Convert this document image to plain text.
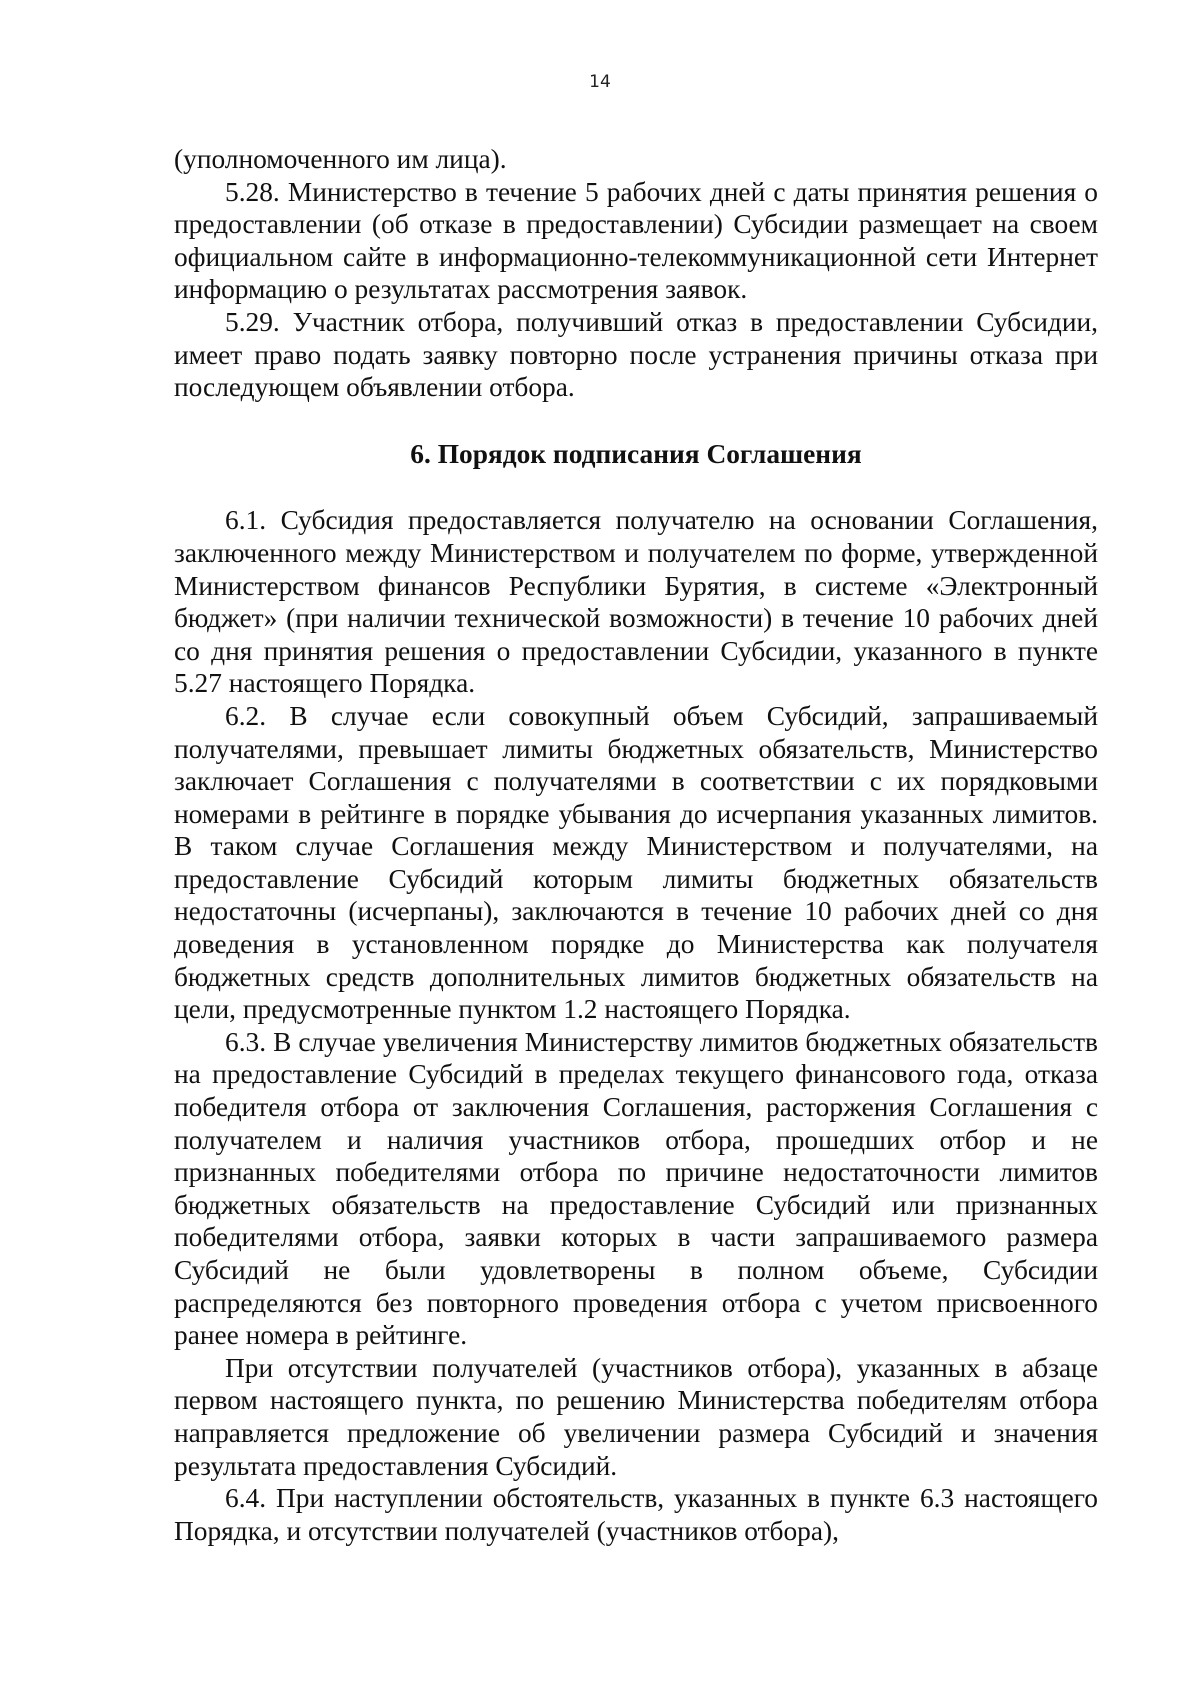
14

(уполномоченного им лица).

5.28. Министерство в течение 5 рабочих дней с даты принятия решения о предоставлении (об отказе в предоставлении) Субсидии размещает на своем официальном сайте в информационно-телекоммуникационной сети Интернет информацию о результатах рассмотрения заявок.

5.29. Участник отбора, получивший отказ в предоставлении Субсидии, имеет право подать заявку повторно после устранения причины отказа при последующем объявлении отбора.

6. Порядок подписания Соглашения

6.1. Субсидия предоставляется получателю на основании Соглашения, заключенного между Министерством и получателем по форме, утвержденной Министерством финансов Республики Бурятия, в системе «Электронный бюджет» (при наличии технической возможности) в течение 10 рабочих дней со дня принятия решения о предоставлении Субсидии, указанного в пункте 5.27 настоящего Порядка.

6.2. В случае если совокупный объем Субсидий, запрашиваемый получателями, превышает лимиты бюджетных обязательств, Министерство заключает Соглашения с получателями в соответствии с их порядковыми номерами в рейтинге в порядке убывания до исчерпания указанных лимитов. В таком случае Соглашения между Министерством и получателями, на предоставление Субсидий которым лимиты бюджетных обязательств недостаточны (исчерпаны), заключаются в течение 10 рабочих дней со дня доведения в установленном порядке до Министерства как получателя бюджетных средств дополнительных лимитов бюджетных обязательств на цели, предусмотренные пунктом 1.2 настоящего Порядка.

6.3. В случае увеличения Министерству лимитов бюджетных обязательств на предоставление Субсидий в пределах текущего финансового года, отказа победителя отбора от заключения Соглашения, расторжения Соглашения с получателем и наличия участников отбора, прошедших отбор и не признанных победителями отбора по причине недостаточности лимитов бюджетных обязательств на предоставление Субсидий или признанных победителями отбора, заявки которых в части запрашиваемого размера Субсидий не были удовлетворены в полном объеме, Субсидии распределяются без повторного проведения отбора с учетом присвоенного ранее номера в рейтинге.

При отсутствии получателей (участников отбора), указанных в абзаце первом настоящего пункта, по решению Министерства победителям отбора направляется предложение об увеличении размера Субсидий и значения результата предоставления Субсидий.

6.4. При наступлении обстоятельств, указанных в пункте 6.3 настоящего Порядка, и отсутствии получателей (участников отбора),
